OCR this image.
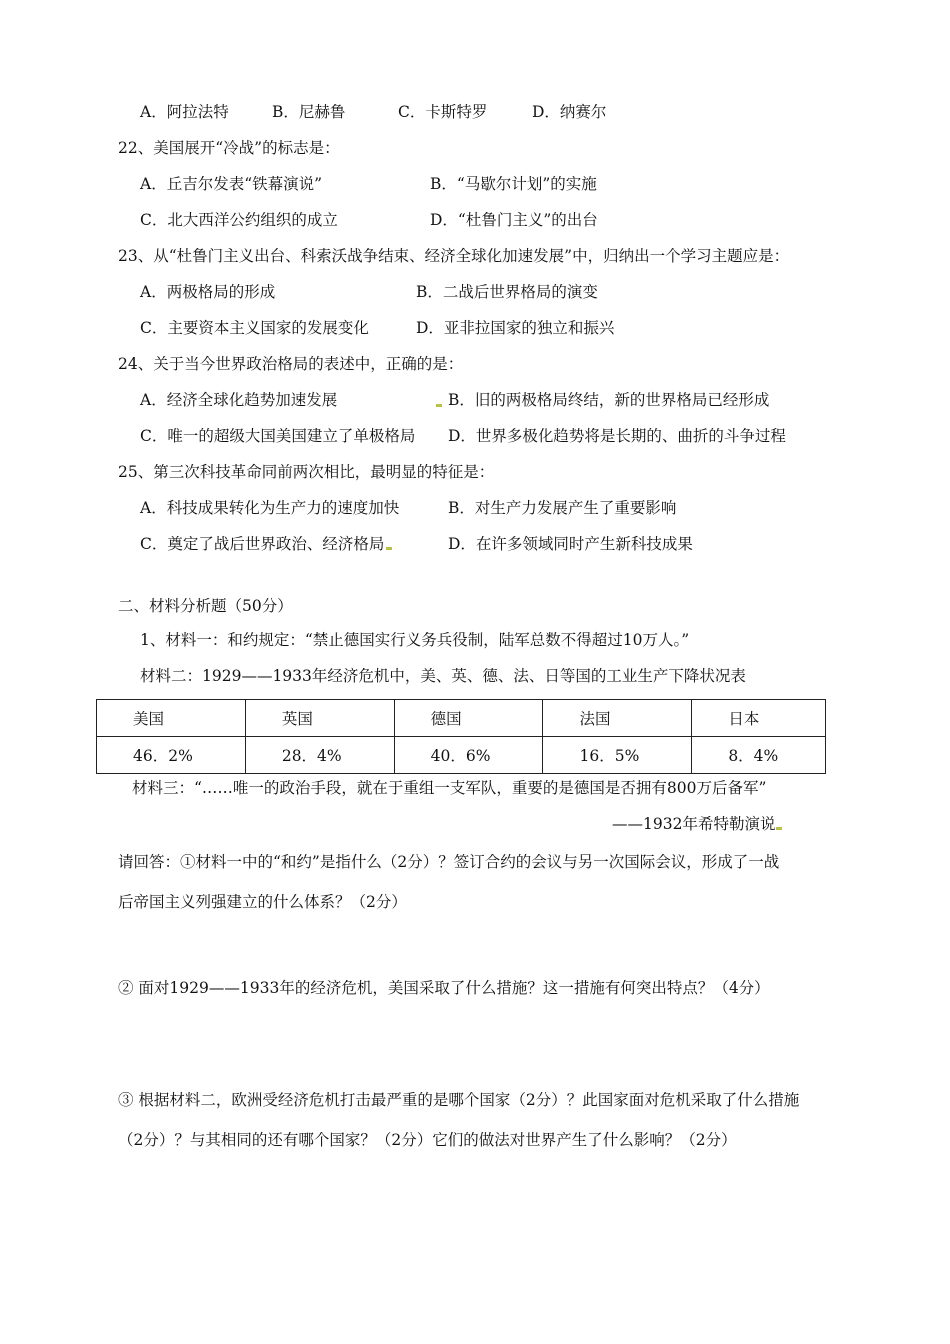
A．阿拉法特	B．尼赫鲁	C．卡斯特罗	D．纳赛尔
22、美国展开“冷战”的标志是：
A．丘吉尔发表“铁幕演说”	B．“马歇尔计划”的实施
C．北大西洋公约组织的成立	D．“杜鲁门主义”的出台
23、从“杜鲁门主义出台、科索沃战争结束、经济全球化加速发展”中，归纳出一个学习主题应是：
A．两极格局的形成	B．二战后世界格局的演变
C．主要资本主义国家的发展变化	D．亚非拉国家的独立和振兴
24、关于当今世界政治格局的表述中，正确的是：
A．经济全球化趋势加速发展	B．旧的两极格局终结，新的世界格局已经形成
C．唯一的超级大国美国建立了单极格局 D．世界多极化趋势将是长期的、曲折的斗争过程
25、第三次科技革命同前两次相比，最明显的特征是：
A．科技成果转化为生产力的速度加快	B．对生产力发展产生了重要影响
C．奠定了战后世界政治、经济格局	D．在许多领域同时产生新科技成果
二、材料分析题（50分）
1、材料一：和约规定：“禁止德国实行义务兵役制，陆军总数不得超过10万人。”
材料二：1929——1933年经济危机中，美、英、德、法、日等国的工业生产下降状况表
美国	英国	德国	法国	日本
46．2%	28．4%	40．6%	16．5%	8．4%
材料三：“……唯一的政治手段，就在于重组一支军队，重要的是德国是否拥有800万后备军”
——1932年希特勒演说
请回答：①材料一中的“和约”是指什么（2分）？签订合约的会议与另一次国际会议，形成了一战
后帝国主义列强建立的什么体系？（2分）
② 面对1929——1933年的经济危机，美国采取了什么措施？这一措施有何突出特点？（4分）
③ 根据材料二，欧洲受经济危机打击最严重的是哪个国家（2分）？此国家面对危机采取了什么措施
（2分）？与其相同的还有哪个国家？（2分）它们的做法对世界产生了什么影响？（2分）
